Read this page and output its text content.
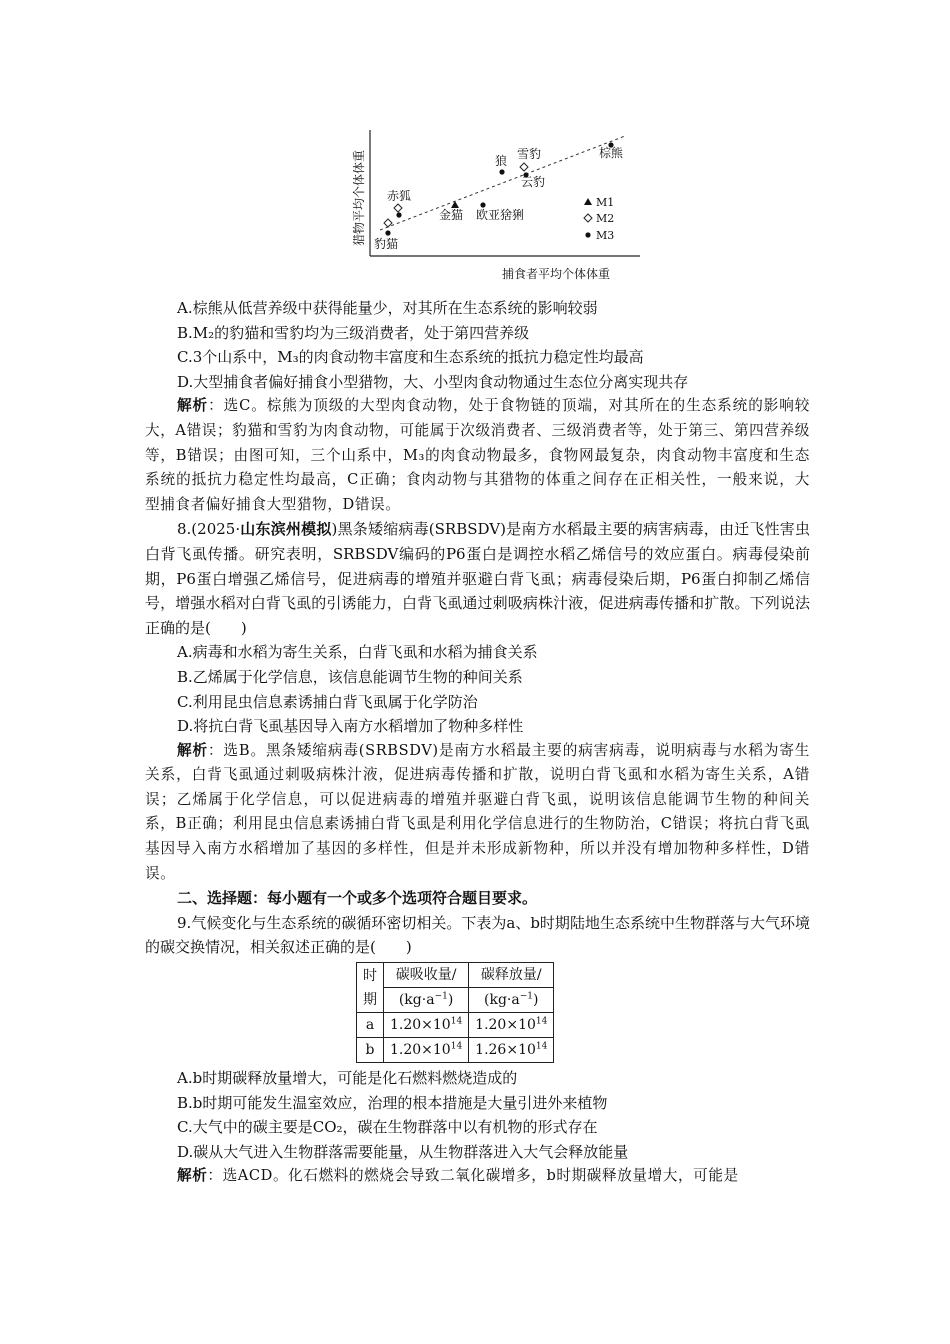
猎物平均个体体重
捕食者平均个体体重
豹猫
赤狐
金猫 欧亚猞猁
狼 雪豹
云豹
棕熊
M1
M2
M3

A.棕熊从低营养级中获得能量少，对其所在生态系统的影响较弱

B.M₂的豹猫和雪豹均为三级消费者，处于第四营养级

C.3个山系中，M₃的肉食动物丰富度和生态系统的抵抗力稳定性均最高

D.大型捕食者偏好捕食小型猎物，大、小型肉食动物通过生态位分离实现共存

解析：选C。棕熊为顶级的大型肉食动物，处于食物链的顶端，对其所在的生态系统的影响较大，A错误；豹猫和雪豹为肉食动物，可能属于次级消费者、三级消费者等，处于第三、第四营养级等，B错误；由图可知，三个山系中，M₃的肉食动物最多，食物网最复杂，肉食动物丰富度和生态系统的抵抗力稳定性均最高，C正确；食肉动物与其猎物的体重之间存在正相关性，一般来说，大型捕食者偏好捕食大型猎物，D错误。

8.(2025·山东滨州模拟)黑条矮缩病毒(SRBSDV)是南方水稻最主要的病害病毒，由迁飞性害虫白背飞虱传播。研究表明，SRBSDV编码的P6蛋白是调控水稻乙烯信号的效应蛋白。病毒侵染前期，P6蛋白增强乙烯信号，促进病毒的增殖并驱避白背飞虱；病毒侵染后期，P6蛋白抑制乙烯信号，增强水稻对白背飞虱的引诱能力，白背飞虱通过刺吸病株汁液，促进病毒传播和扩散。下列说法正确的是(　　)

A.病毒和水稻为寄生关系，白背飞虱和水稻为捕食关系

B.乙烯属于化学信息，该信息能调节生物的种间关系

C.利用昆虫信息素诱捕白背飞虱属于化学防治

D.将抗白背飞虱基因导入南方水稻增加了物种多样性

解析：选B。黑条矮缩病毒(SRBSDV)是南方水稻最主要的病害病毒，说明病毒与水稻为寄生关系，白背飞虱通过刺吸病株汁液，促进病毒传播和扩散，说明白背飞虱和水稻为寄生关系，A错误；乙烯属于化学信息，可以促进病毒的增殖并驱避白背飞虱，说明该信息能调节生物的种间关系，B正确；利用昆虫信息素诱捕白背飞虱是利用化学信息进行的生物防治，C错误；将抗白背飞虱基因导入南方水稻增加了基因的多样性，但是并未形成新物种，所以并没有增加物种多样性，D错误。

二、选择题：每小题有一个或多个选项符合题目要求。

9.气候变化与生态系统的碳循环密切相关。下表为a、b时期陆地生态系统中生物群落与大气环境的碳交换情况，相关叙述正确的是(　　)

时
期	碳吸收量/	碳释放量/
	$(kg\cdot a^{-1})$	$(kg\cdot a^{-1})$
a	$1.20\times 10^{14}$	$1.20\times 10^{14}$
b	$1.20\times 10^{14}$	$1.26\times 10^{14}$

A.b时期碳释放量增大，可能是化石燃料燃烧造成的

B.b时期可能发生温室效应，治理的根本措施是大量引进外来植物

C.大气中的碳主要是CO₂，碳在生物群落中以有机物的形式存在

D.碳从大气进入生物群落需要能量，从生物群落进入大气会释放能量

解析：选ACD。化石燃料的燃烧会导致二氧化碳增多，b时期碳释放量增大，可能是
